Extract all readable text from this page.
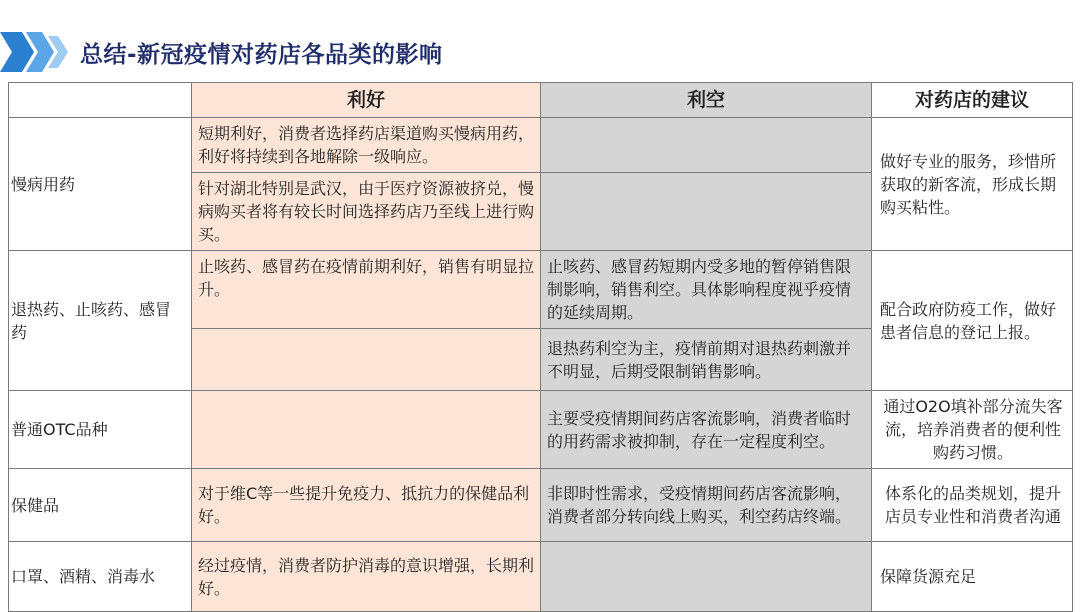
总结-新冠疫情对药店各品类的影响
	利好	利空	对药店的建议
慢病用药	短期利好，消费者选择药店渠道购买慢病用药，利好将持续到各地解除一级响应。		做好专业的服务，珍惜所获取的新客流，形成长期购买粘性。
	针对湖北特别是武汉，由于医疗资源被挤兑，慢病购买者将有较长时间选择药店乃至线上进行购买。		
退热药、止咳药、感冒药	止咳药、感冒药在疫情前期利好，销售有明显拉升。	止咳药、感冒药短期内受多地的暂停销售限制影响，销售利空。具体影响程度视乎疫情的延续周期。	配合政府防疫工作，做好患者信息的登记上报。
		退热药利空为主，疫情前期对退热药刺激并不明显，后期受限制销售影响。	
普通OTC品种		主要受疫情期间药店客流影响，消费者临时的用药需求被抑制，存在一定程度利空。	通过O2O填补部分流失客流，培养消费者的便利性购药习惯。
保健品	对于维C等一些提升免疫力、抵抗力的保健品利好。	非即时性需求，受疫情期间药店客流影响，消费者部分转向线上购买，利空药店终端。	体系化的品类规划，提升店员专业性和消费者沟通
口罩、酒精、消毒水	经过疫情，消费者防护消毒的意识增强，长期利好。		保障货源充足
